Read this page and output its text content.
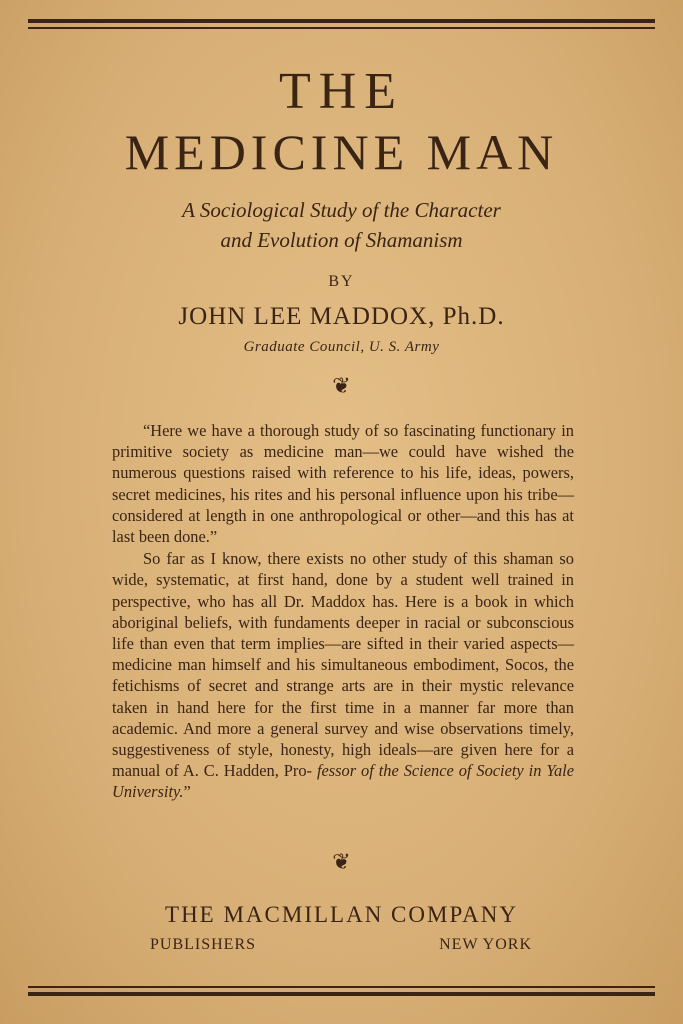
THE
MEDICINE MAN
A Sociological Study of the Character
and Evolution of Shamanism
BY
JOHN LEE MADDOX, Ph.D.
Graduate Council, U. S. Army
❦

“Here we have a thorough study of so fascinating functionary in primitive society as medicine man—we could have wished the numerous questions raised with reference to his life, ideas, powers, secret medicines, his rites and his personal influence upon his tribe—considered at length in one anthropological or other—and this has at last been done.”

So far as I know, there exists no other study of this shaman so wide, systematic, at first hand, done by a student well trained in perspective, who has all Dr. Maddox has. Here is a book in which aboriginal beliefs, with fundaments deeper in racial or subconscious life than even that term implies—are sifted in their varied aspects—medicine man himself and his simultaneous embodiment, Socos, the fetichisms of secret and strange arts are in their mystic relevance taken in hand here for the first time in a manner far more than academic. And more a general survey and wise observations timely, suggestiveness of style, honesty, high ideals—are given here for a manual of A. C. Hadden, Pro- fessor of the Science of Society in Yale University.”

❦
THE MACMILLAN COMPANY
PUBLISHERS	NEW YORK
